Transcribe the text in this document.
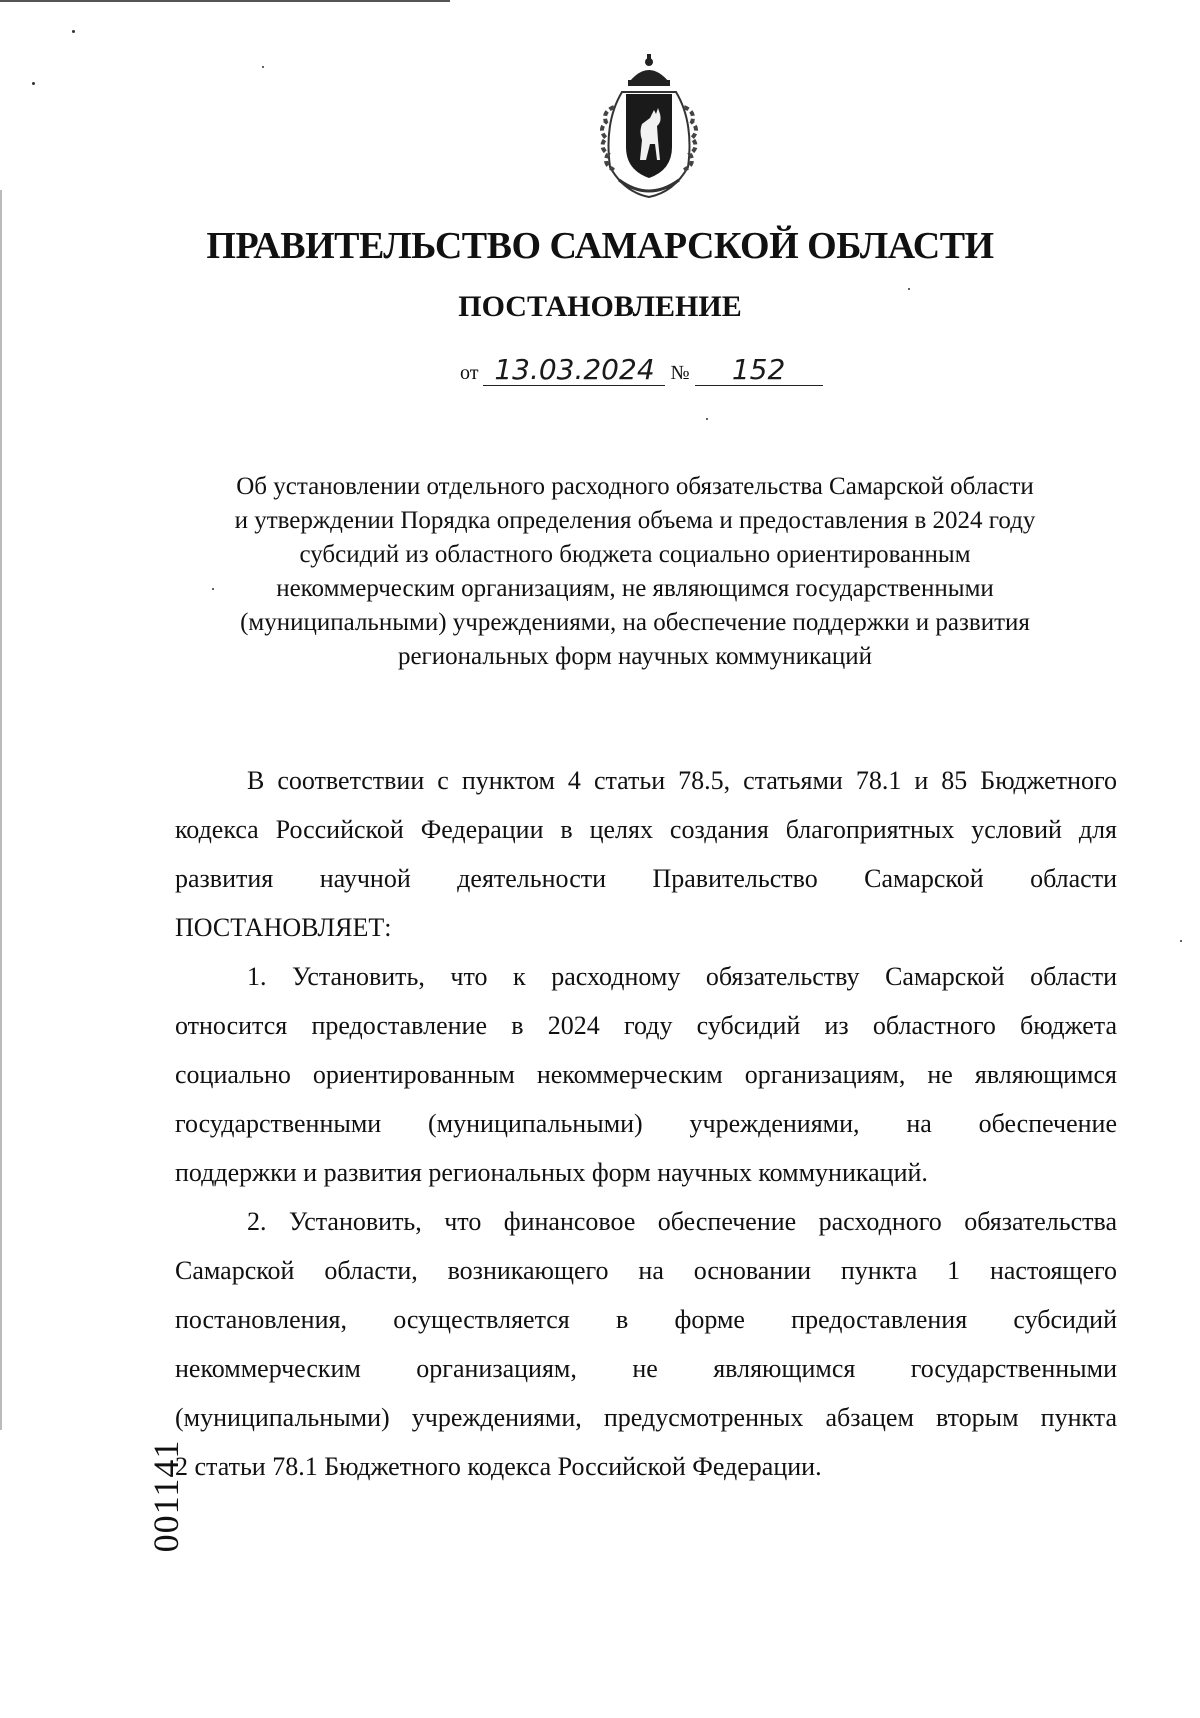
ПРАВИТЕЛЬСТВО САМАРСКОЙ ОБЛАСТИ
ПОСТАНОВЛЕНИЕ
от 13.03.2024 № 152
Об установлении отдельного расходного обязательства Самарской области
и утверждении Порядка определения объема и предоставления в 2024 году
субсидий из областного бюджета социально ориентированным
некоммерческим организациям, не являющимся государственными
(муниципальными) учреждениями, на обеспечение поддержки и развития
региональных форм научных коммуникаций
В соответствии с пунктом 4 статьи 78.5, статьями 78.1 и 85 Бюджетного
кодекса Российской Федерации в целях создания благоприятных условий для
развития научной деятельности Правительство Самарской области
ПОСТАНОВЛЯЕТ:
1. Установить, что к расходному обязательству Самарской области
относится предоставление в 2024 году субсидий из областного бюджета
социально ориентированным некоммерческим организациям, не являющимся
государственными (муниципальными) учреждениями, на обеспечение
поддержки и развития региональных форм научных коммуникаций.
2. Установить, что финансовое обеспечение расходного обязательства
Самарской области, возникающего на основании пункта 1 настоящего
постановления, осуществляется в форме предоставления субсидий
некоммерческим организациям, не являющимся государственными
(муниципальными) учреждениями, предусмотренных абзацем вторым пункта
2 статьи 78.1 Бюджетного кодекса Российской Федерации.
001141
